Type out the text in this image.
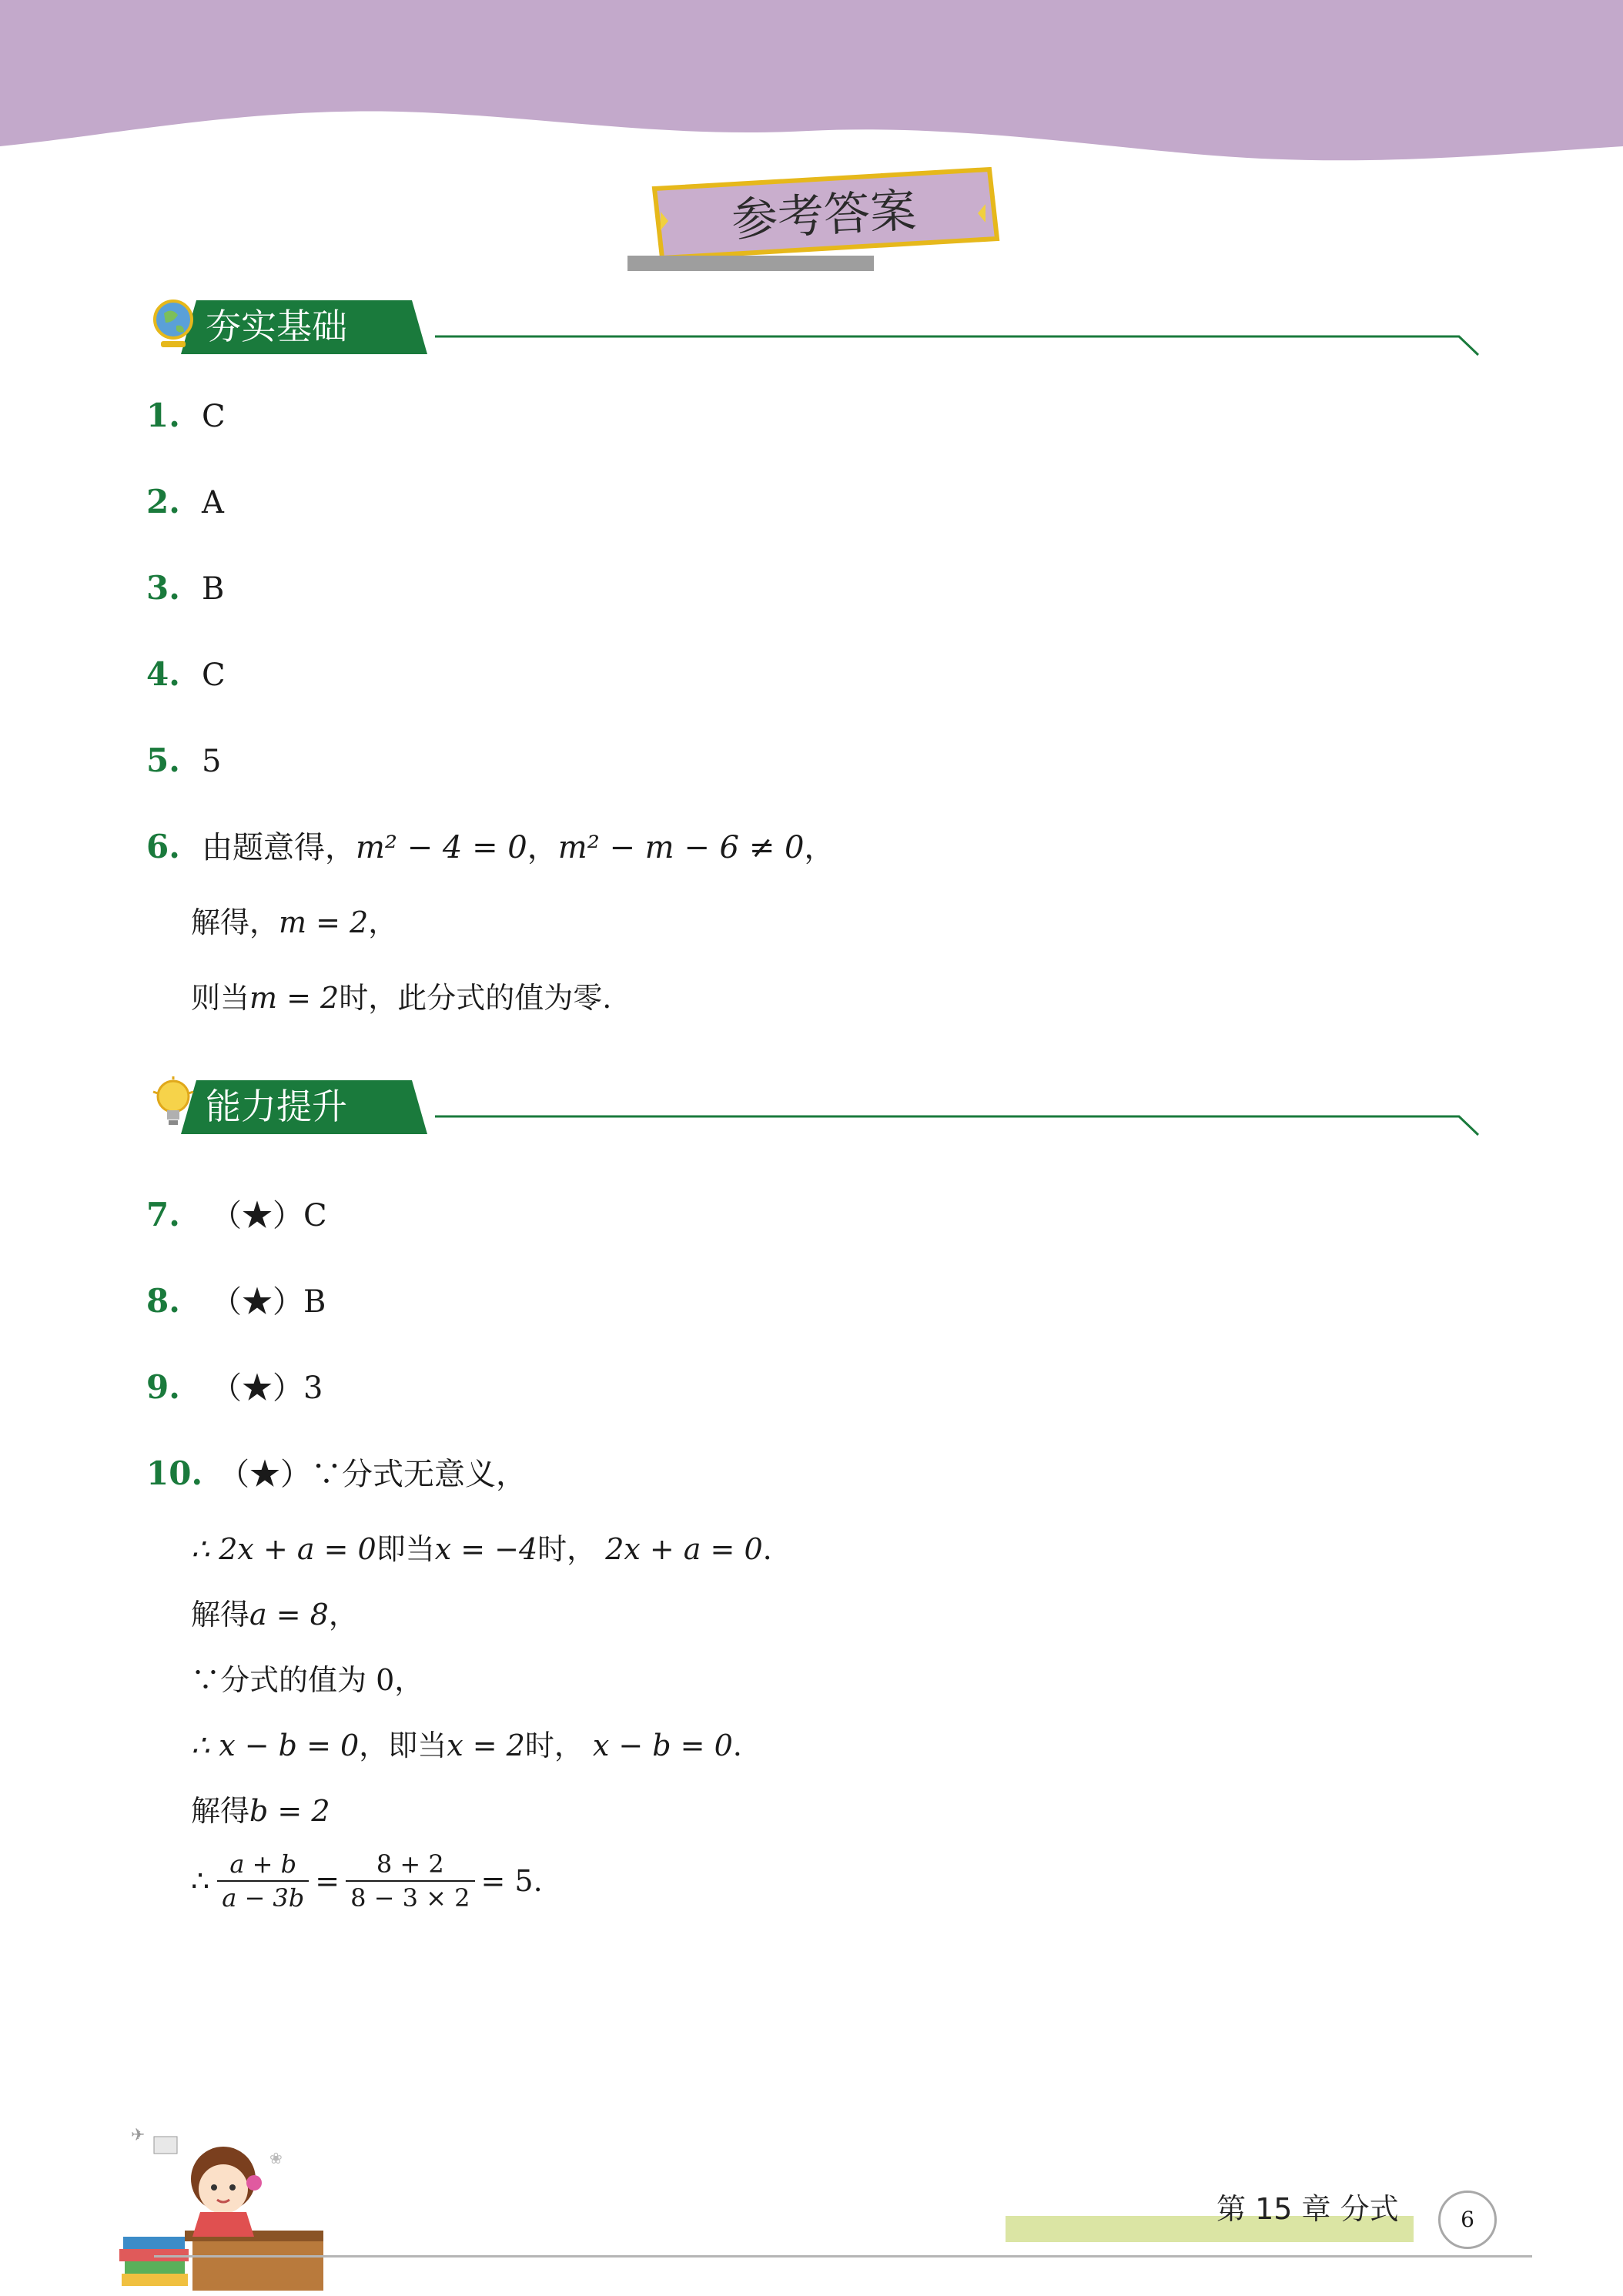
参考答案
夯实基础
1. C
2. A
3. B
4. C
5. 5
6. 由题意得，m² − 4 = 0，m² − m − 6 ≠ 0，
解得，m = 2，
则当m = 2时，此分式的值为零.
能力提升
7. （★）C
8. （★）B
9. （★）3
10. （★）∵分式无意义，
∴ 2x + a = 0即当x = −4时， 2x + a = 0.
解得a = 8，
∵分式的值为 0，
∴ x − b = 0，即当x = 2时， x − b = 0.
解得b = 2
∴ $\frac{a + b}{a - 3b} = \frac{8 + 2}{8 - 3 \times 2} = 5$.
✈
❀
第 15 章 分式	6
